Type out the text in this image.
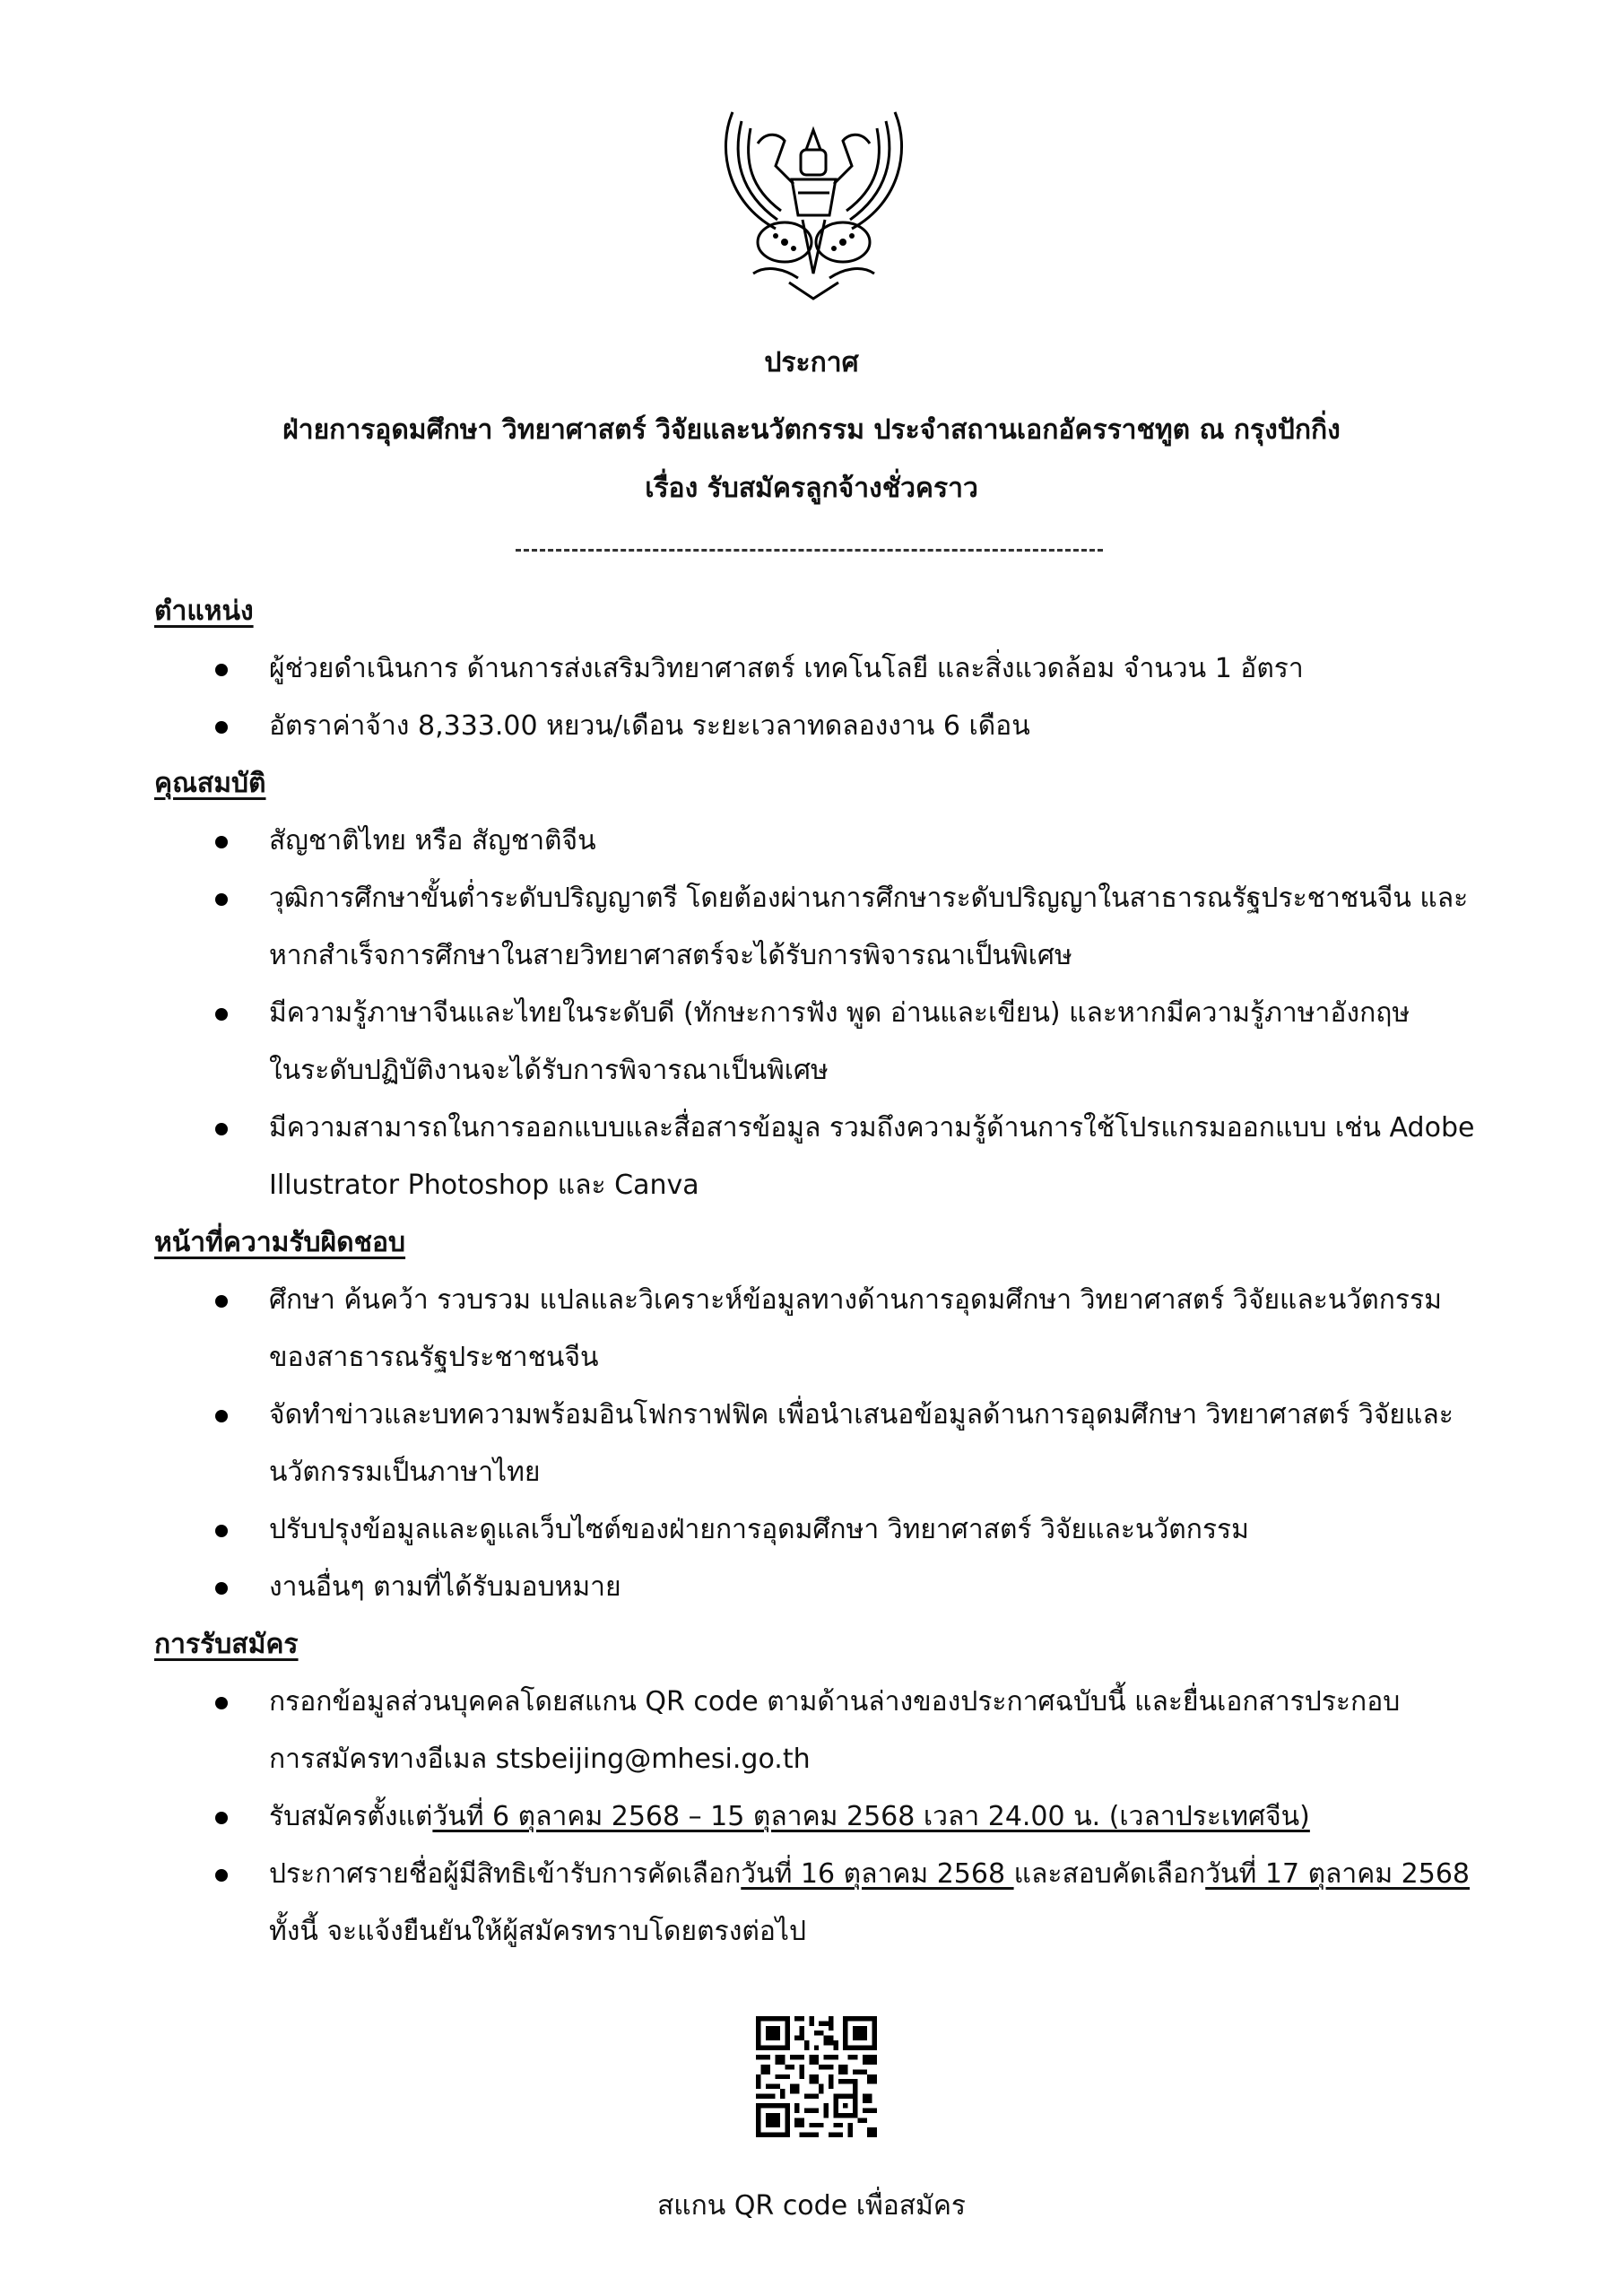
ประกาศ
ฝ่ายการอุดมศึกษา วิทยาศาสตร์ วิจัยและนวัตกรรม ประจำสถานเอกอัครราชทูต ณ กรุงปักกิ่ง
เรื่อง รับสมัครลูกจ้างชั่วคราว
ตำแหน่ง
ผู้ช่วยดำเนินการ ด้านการส่งเสริมวิทยาศาสตร์ เทคโนโลยี และสิ่งแวดล้อม จำนวน 1 อัตรา
อัตราค่าจ้าง 8,333.00 หยวน/เดือน ระยะเวลาทดลองงาน 6 เดือน
คุณสมบัติ
สัญชาติไทย หรือ สัญชาติจีน
วุฒิการศึกษาขั้นต่ำระดับปริญญาตรี โดยต้องผ่านการศึกษาระดับปริญญาในสาธารณรัฐประชาชนจีน และ
หากสำเร็จการศึกษาในสายวิทยาศาสตร์จะได้รับการพิจารณาเป็นพิเศษ
มีความรู้ภาษาจีนและไทยในระดับดี (ทักษะการฟัง พูด อ่านและเขียน) และหากมีความรู้ภาษาอังกฤษ
ในระดับปฏิบัติงานจะได้รับการพิจารณาเป็นพิเศษ
มีความสามารถในการออกแบบและสื่อสารข้อมูล รวมถึงความรู้ด้านการใช้โปรแกรมออกแบบ เช่น Adobe
Illustrator Photoshop และ Canva
หน้าที่ความรับผิดชอบ
ศึกษา ค้นคว้า รวบรวม แปลและวิเคราะห์ข้อมูลทางด้านการอุดมศึกษา วิทยาศาสตร์ วิจัยและนวัตกรรม
ของสาธารณรัฐประชาชนจีน
จัดทำข่าวและบทความพร้อมอินโฟกราฟฟิค เพื่อนำเสนอข้อมูลด้านการอุดมศึกษา วิทยาศาสตร์ วิจัยและ
นวัตกรรมเป็นภาษาไทย
ปรับปรุงข้อมูลและดูแลเว็บไซต์ของฝ่ายการอุดมศึกษา วิทยาศาสตร์ วิจัยและนวัตกรรม
งานอื่นๆ ตามที่ได้รับมอบหมาย
การรับสมัคร
กรอกข้อมูลส่วนบุคคลโดยสแกน QR code ตามด้านล่างของประกาศฉบับนี้ และยื่นเอกสารประกอบ
การสมัครทางอีเมล stsbeijing@mhesi.go.th
รับสมัครตั้งแต่วันที่ 6 ตุลาคม 2568 – 15 ตุลาคม 2568 เวลา 24.00 น. (เวลาประเทศจีน)
ประกาศรายชื่อผู้มีสิทธิเข้ารับการคัดเลือกวันที่ 16 ตุลาคม 2568 และสอบคัดเลือกวันที่ 17 ตุลาคม 2568
ทั้งนี้ จะแจ้งยืนยันให้ผู้สมัครทราบโดยตรงต่อไป
สแกน QR code เพื่อสมัคร
